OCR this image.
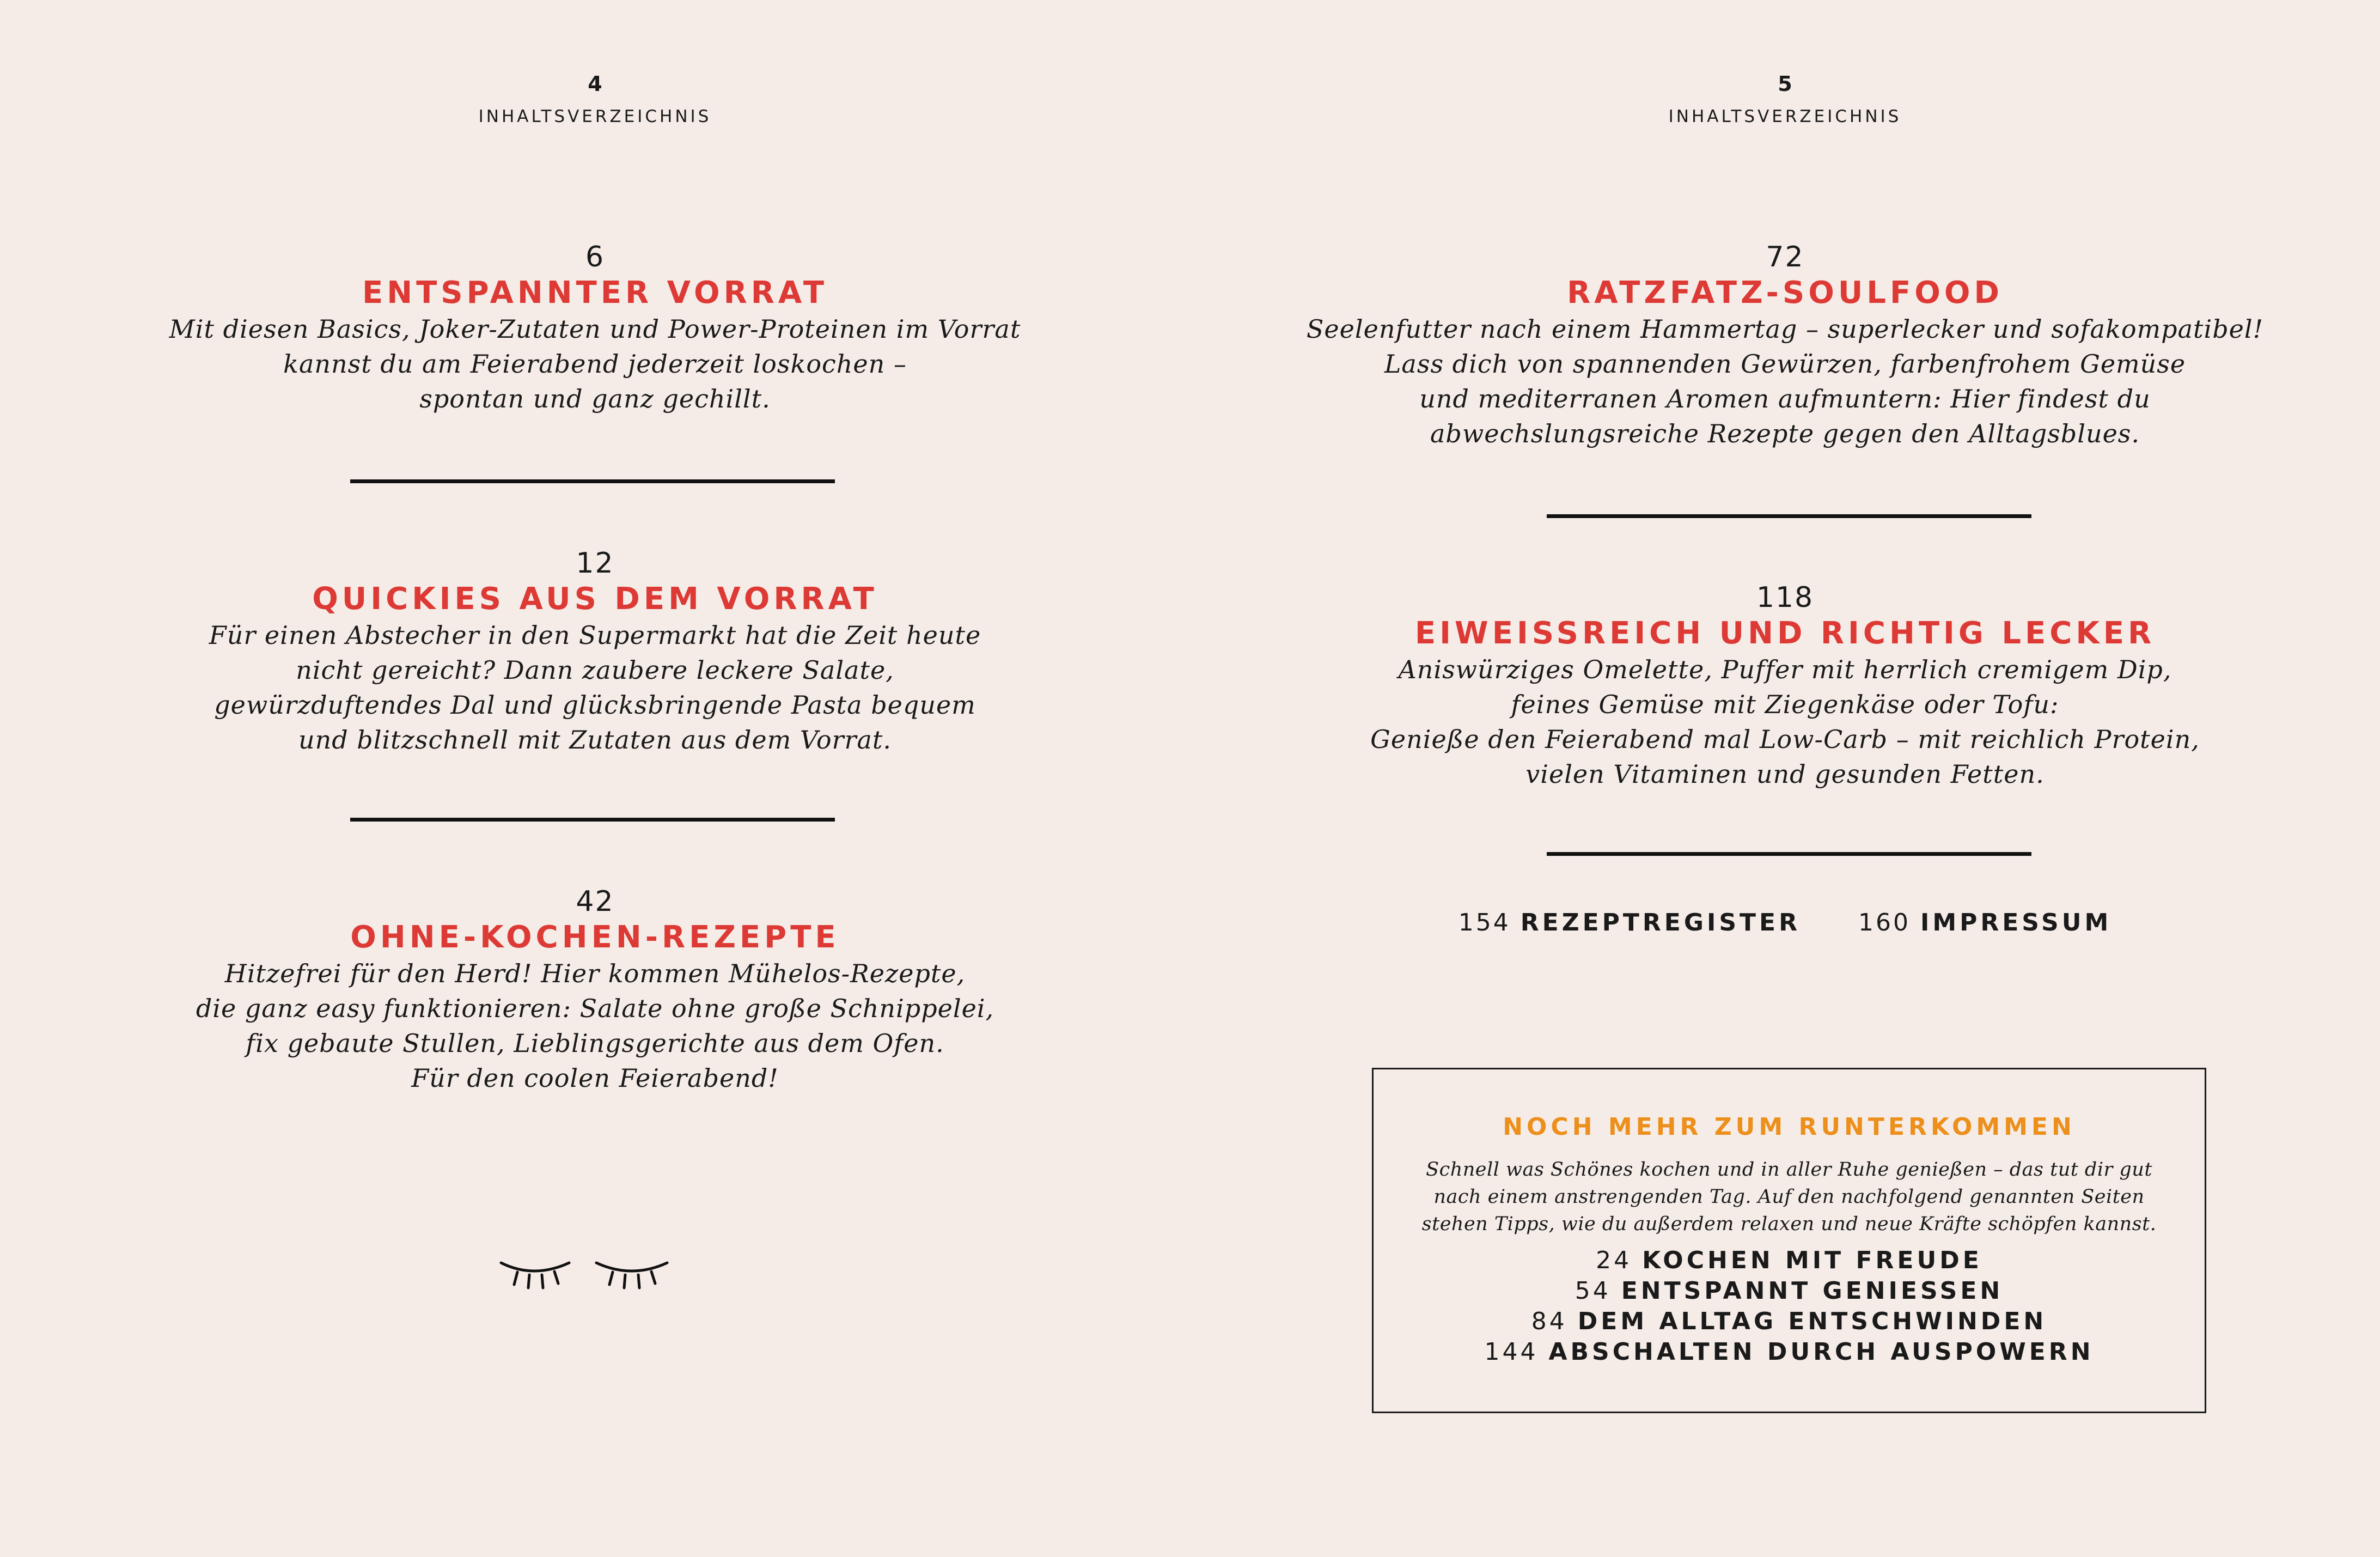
4
INHALTSVERZEICHNIS
6
ENTSPANNTER VORRAT
Mit diesen Basics, Joker-Zutaten und Power-Proteinen im Vorrat
kannst du am Feierabend jederzeit loskochen –
spontan und ganz gechillt.
12
QUICKIES AUS DEM VORRAT
Für einen Abstecher in den Supermarkt hat die Zeit heute
nicht gereicht? Dann zaubere leckere Salate,
gewürzduftendes Dal und glücksbringende Pasta bequem
und blitzschnell mit Zutaten aus dem Vorrat.
42
OHNE-KOCHEN-REZEPTE
Hitzefrei für den Herd! Hier kommen Mühelos-Rezepte,
die ganz easy funktionieren: Salate ohne große Schnippelei,
fix gebaute Stullen, Lieblingsgerichte aus dem Ofen.
Für den coolen Feierabend!
5
INHALTSVERZEICHNIS
72
RATZFATZ-SOULFOOD
Seelenfutter nach einem Hammertag – superlecker und sofakompatibel!
Lass dich von spannenden Gewürzen, farbenfrohem Gemüse
und mediterranen Aromen aufmuntern: Hier findest du
abwechslungsreiche Rezepte gegen den Alltagsblues.
118
EIWEISSREICH UND RICHTIG LECKER
Aniswürziges Omelette, Puffer mit herrlich cremigem Dip,
feines Gemüse mit Ziegenkäse oder Tofu:
Genieße den Feierabend mal Low-Carb – mit reichlich Protein,
vielen Vitaminen und gesunden Fetten.
154 REZEPTREGISTER 160 IMPRESSUM
NOCH MEHR ZUM RUNTERKOMMEN
Schnell was Schönes kochen und in aller Ruhe genießen – das tut dir gut
nach einem anstrengenden Tag. Auf den nachfolgend genannten Seiten
stehen Tipps, wie du außerdem relaxen und neue Kräfte schöpfen kannst.
24 KOCHEN MIT FREUDE
54 ENTSPANNT GENIESSEN
84 DEM ALLTAG ENTSCHWINDEN
144 ABSCHALTEN DURCH AUSPOWERN
